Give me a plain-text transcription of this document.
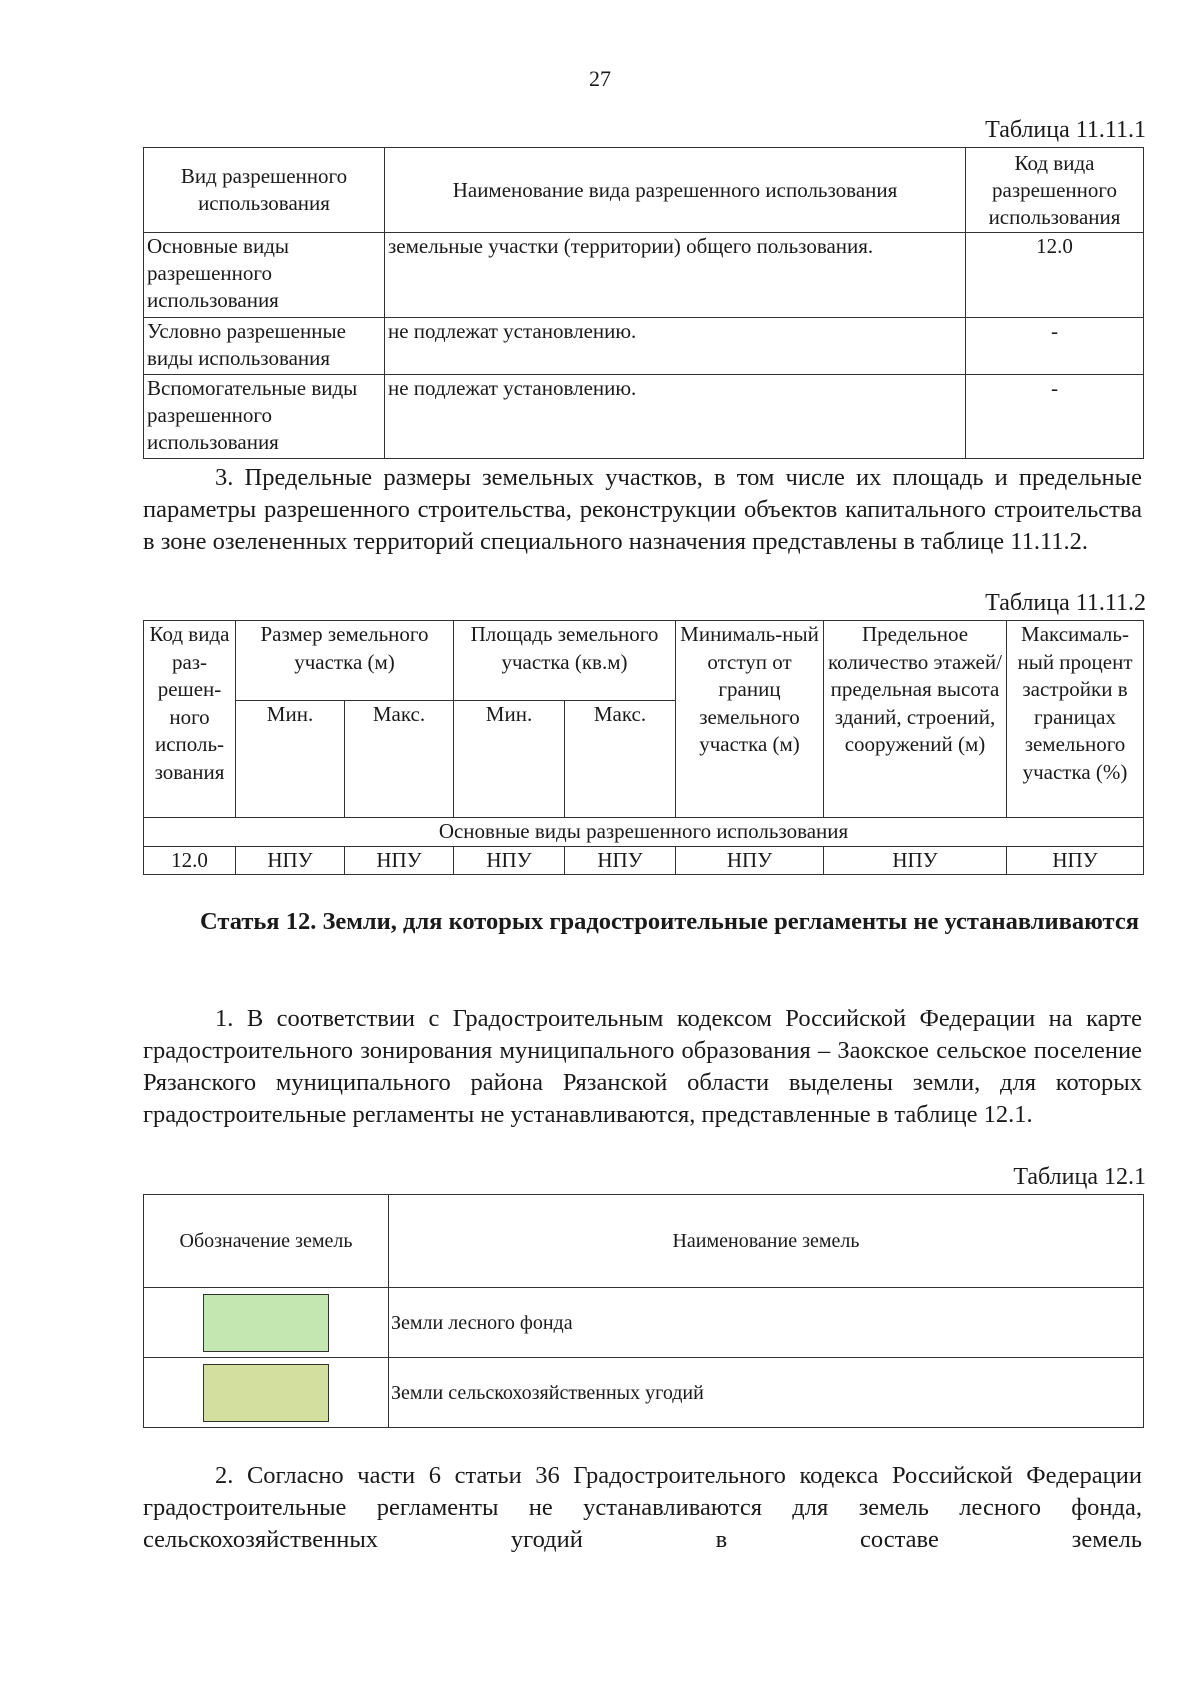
27
Таблица 11.11.1
Вид разрешенного использования	Наименование вида разрешенного использования	Код вида разрешенного использования
Основные виды разрешенного использования	земельные участки (территории) общего пользования.	12.0
Условно разрешенные виды использования	не подлежат установлению.	-
Вспомогательные виды разрешенного использования	не подлежат установлению.	-

3. Предельные размеры земельных участков, в том числе их площадь и предельные параметры разрешенного строительства, реконструкции объектов капитального строительства в зоне озелененных территорий специального назначения представлены в таблице 11.11.2.

Таблица 11.11.2
Код вида раз-решен-ного исполь-зования	Размер земельного участка (м)		Площадь земельного участка (кв.м)		Минималь-ный отступ от границ земельного участка (м)	Предельное количество этажей/ предельная высота зданий, строений, сооружений (м)	Максималь-ный процент застройки в границах земельного участка (%)
	Мин.	Макс.	Мин.	Макс.			
Основные виды разрешенного использования							
12.0	НПУ	НПУ	НПУ	НПУ	НПУ	НПУ	НПУ

Статья 12. Земли, для которых градостроительные регламенты не устанавливаются

1. В соответствии с Градостроительным кодексом Российской Федерации на карте градостроительного зонирования муниципального образования – Заокское сельское поселение Рязанского муниципального района Рязанской области выделены земли, для которых градостроительные регламенты не устанавливаются, представленные в таблице 12.1.

Таблица 12.1
Обозначение земель	Наименование земель

	Земли лесного фонда

	Земли сельскохозяйственных угодий

2. Согласно части 6 статьи 36 Градостроительного кодекса Российской Федерации градостроительные регламенты не устанавливаются для земель лесного фонда, сельскохозяйственных угодий в составе земель
